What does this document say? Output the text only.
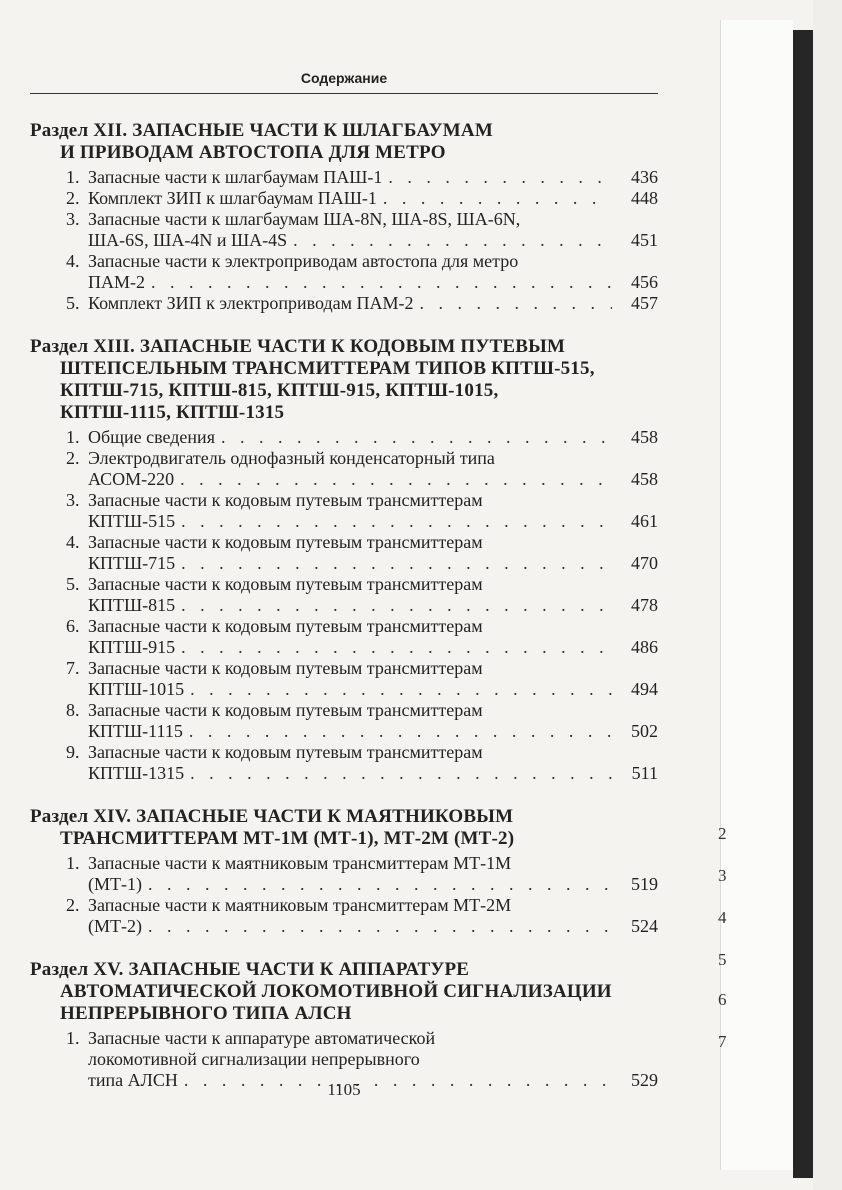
2
3
4
5
6
7
Содержание
Раздел XII. ЗАПАСНЫЕ ЧАСТИ К ШЛАГБАУМАМ
И ПРИВОДАМ АВТОСТОПА ДЛЯ МЕТРО
1. Запасные части к шлагбаумам ПАШ-1 . . .	436
2. Комплект ЗИП к шлагбаумам ПАШ-1 . . .	448
3. Запасные части к шлагбаумам ША-8N, ША-8S, ША-6N,
ША-6S, ША-4N и ША-4S . . .	451
4. Запасные части к электроприводам автостопа для метро
ПАМ-2 . . .	456
5. Комплект ЗИП к электроприводам ПАМ-2 . . .	457
Раздел XIII. ЗАПАСНЫЕ ЧАСТИ К КОДОВЫМ ПУТЕВЫМ
ШТЕПСЕЛЬНЫМ ТРАНСМИТТЕРАМ ТИПОВ КПТШ-515,
КПТШ-715, КПТШ-815, КПТШ-915, КПТШ-1015,
КПТШ-1115, КПТШ-1315
1. Общие сведения . . .	458
2. Электродвигатель однофазный конденсаторный типа
АСОМ-220 . . .	458
3. Запасные части к кодовым путевым трансмиттерам
КПТШ-515 . . .	461
4. Запасные части к кодовым путевым трансмиттерам
КПТШ-715 . . .	470
5. Запасные части к кодовым путевым трансмиттерам
КПТШ-815 . . .	478
6. Запасные части к кодовым путевым трансмиттерам
КПТШ-915 . . .	486
7. Запасные части к кодовым путевым трансмиттерам
КПТШ-1015 . . .	494
8. Запасные части к кодовым путевым трансмиттерам
КПТШ-1115 . . .	502
9. Запасные части к кодовым путевым трансмиттерам
КПТШ-1315 . . .	511
Раздел XIV. ЗАПАСНЫЕ ЧАСТИ К МАЯТНИКОВЫМ
ТРАНСМИТТЕРАМ МТ-1М (МТ-1), МТ-2М (МТ-2)
1. Запасные части к маятниковым трансмиттерам МТ-1М
(МТ-1) . . .	519
2. Запасные части к маятниковым трансмиттерам МТ-2М
(МТ-2) . . .	524
Раздел XV. ЗАПАСНЫЕ ЧАСТИ К АППАРАТУРЕ
АВТОМАТИЧЕСКОЙ ЛОКОМОТИВНОЙ СИГНАЛИЗАЦИИ
НЕПРЕРЫВНОГО ТИПА АЛСН
1. Запасные части к аппаратуре автоматической
локомотивной сигнализации непрерывного
типа АЛСН . . .	529
1105
